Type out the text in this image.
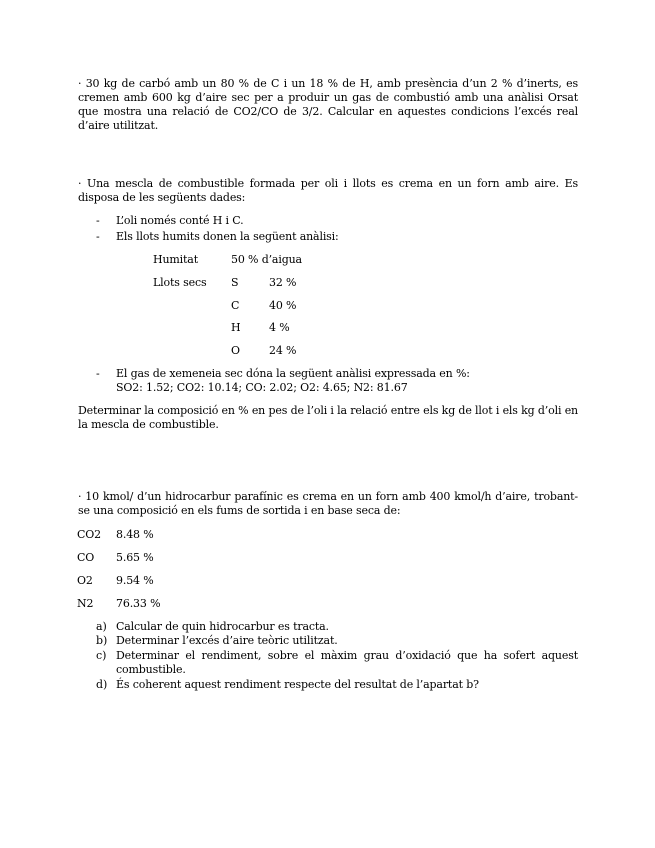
· 30 kg de carbó amb un 80 % de C i un 18 % de H, amb presència d’un 2 % d’inerts, es cremen amb 600 kg d’aire sec per a produir un gas de combustió amb una anàlisi Orsat que mostra una relació de CO2/CO de 3/2. Calcular en aquestes condicions l’excés real d’aire utilitzat.
· Una mescla de combustible formada per oli i llots es crema en un forn amb aire. Es disposa de les següents dades:
- L’oli només conté H i C.
- Els llots humits donen la següent anàlisi:
Humitat	50 % d’aigua
Llots secs S	32 %
C	40 %
H	4 %
O	24 %
- El gas de xemeneia sec dóna la següent anàlisi expressada en %:
SO2: 1.52; CO2: 10.14; CO: 2.02; O2: 4.65; N2: 81.67
Determinar la composició en % en pes de l’oli i la relació entre els kg de llot i els kg d’oli en la mescla de combustible.
· 10 kmol/ d’un hidrocarbur parafínic es crema en un forn amb 400 kmol/h d’aire, trobant-se una composició en els fums de sortida i en base seca de:
CO2 8.48 %
CO 5.65 %
O2 9.54 %
N2 76.33 %
a) Calcular de quin hidrocarbur es tracta.
b) Determinar l’excés d’aire teòric utilitzat.
c) Determinar el rendiment, sobre el màxim grau d’oxidació que ha sofert aquest combustible.
d) És coherent aquest rendiment respecte del resultat de l’apartat b?
